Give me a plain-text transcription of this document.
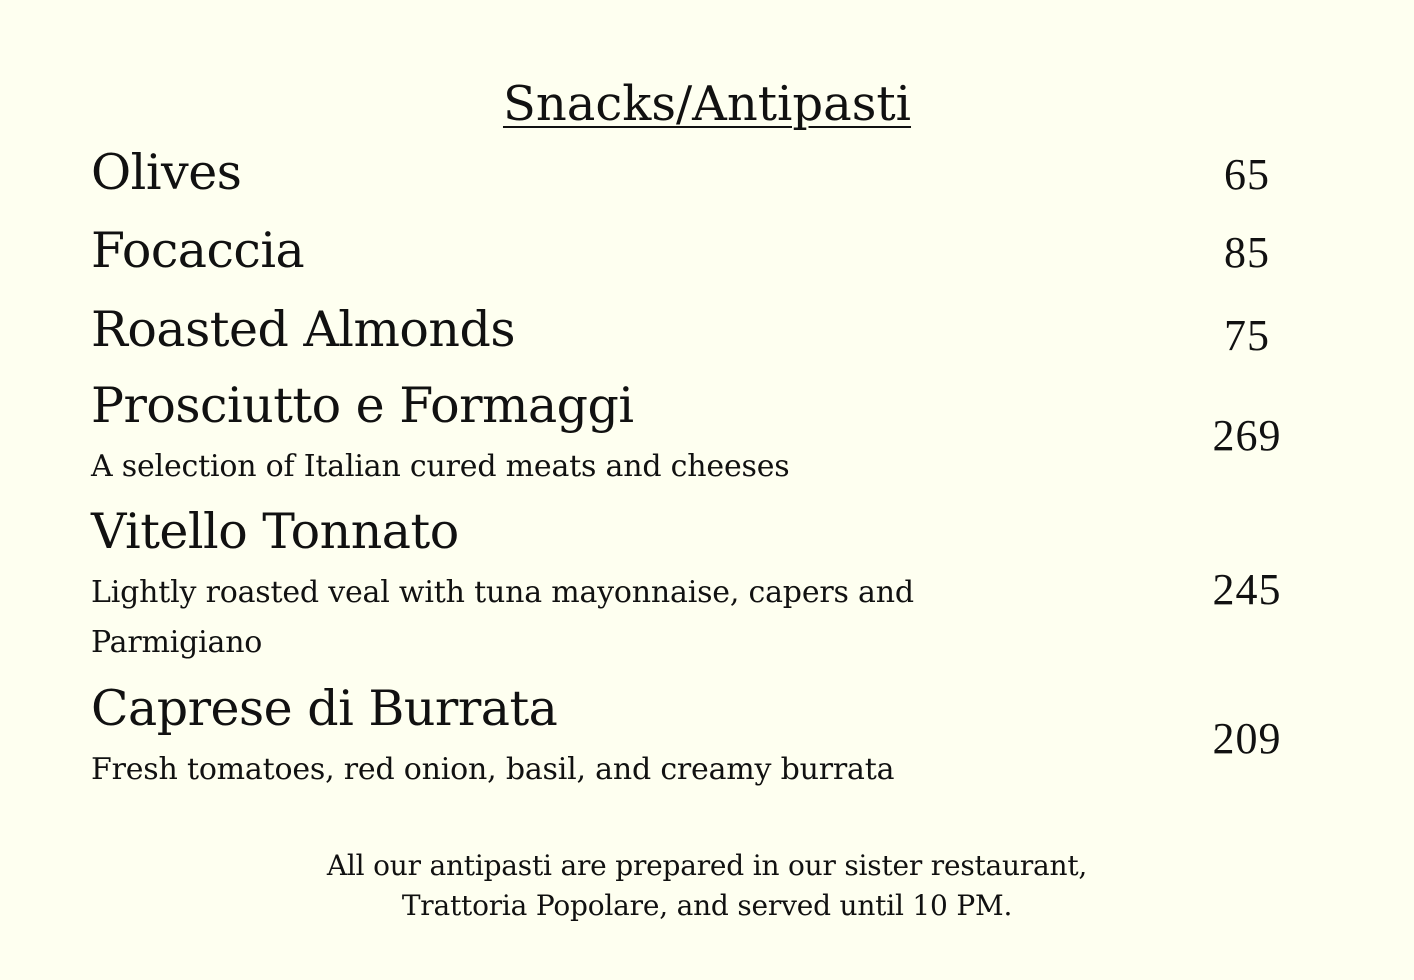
Snacks/Antipasti
Olives	65
Focaccia	85
Roasted Almonds	75
Prosciutto e Formaggi
A selection of Italian cured meats and cheeses
269
Vitello Tonnato
Lightly roasted veal with tuna mayonnaise, capers and Parmigiano
245
Caprese di Burrata
Fresh tomatoes, red onion, basil, and creamy burrata
209
All our antipasti are prepared in our sister restaurant,
Trattoria Popolare, and served until 10 PM.
